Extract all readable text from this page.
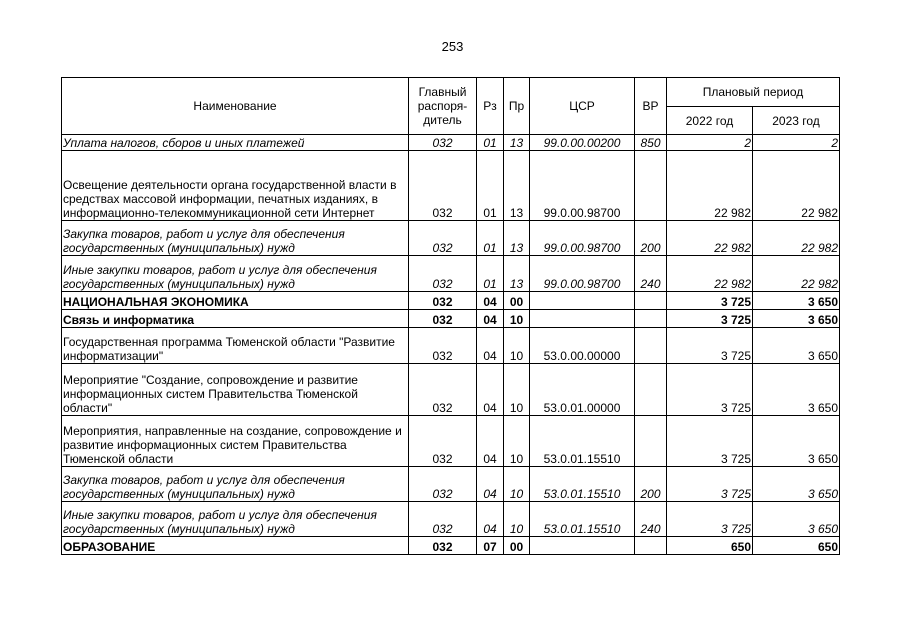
253
Наименование	Главный распоря-дитель	Рз	Пр	ЦСР	ВР	Плановый период	
						2022 год	2023 год
Уплата налогов, сборов и иных платежей	032	01	13	99.0.00.00200	850	2	2
Освещение деятельности органа государственной власти в средствах массовой информации, печатных изданиях, в информационно-телекоммуникационной сети Интернет	032	01	13	99.0.00.98700		22 982	22 982
Закупка товаров, работ и услуг для обеспечения государственных (муниципальных) нужд	032	01	13	99.0.00.98700	200	22 982	22 982
Иные закупки товаров, работ и услуг для обеспечения государственных (муниципальных) нужд	032	01	13	99.0.00.98700	240	22 982	22 982
НАЦИОНАЛЬНАЯ ЭКОНОМИКА	032	04	00			3 725	3 650
Связь и информатика	032	04	10			3 725	3 650
Государственная программа Тюменской области "Развитие информатизации"	032	04	10	53.0.00.00000		3 725	3 650
Мероприятие "Создание, сопровождение и развитие информационных систем Правительства Тюменской области"	032	04	10	53.0.01.00000		3 725	3 650
Мероприятия, направленные на создание, сопровождение и развитие информационных систем Правительства Тюменской области	032	04	10	53.0.01.15510		3 725	3 650
Закупка товаров, работ и услуг для обеспечения государственных (муниципальных) нужд	032	04	10	53.0.01.15510	200	3 725	3 650
Иные закупки товаров, работ и услуг для обеспечения государственных (муниципальных) нужд	032	04	10	53.0.01.15510	240	3 725	3 650
ОБРАЗОВАНИЕ	032	07	00			650	650
